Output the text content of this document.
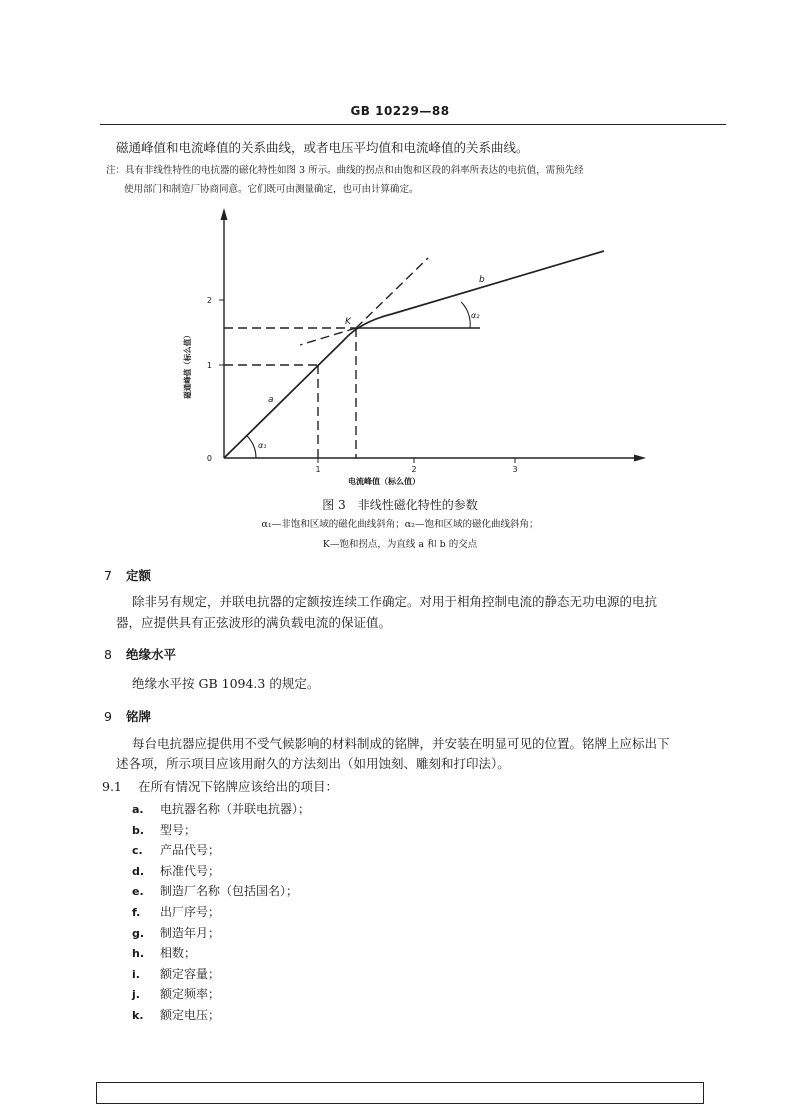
GB 10229—88
磁通峰值和电流峰值的关系曲线，或者电压平均值和电流峰值的关系曲线。
注：具有非线性特性的电抗器的磁化特性如图 3 所示。曲线的拐点和由饱和区段的斜率所表达的电抗值，需预先经
使用部门和制造厂协商同意。它们既可由测量确定，也可由计算确定。
1	2	3
1
2
0
磁通峰值（标么值）
电流峰值（标么值）
α₁
α₂
a
b
K
图 3　非线性磁化特性的参数
α₁—非饱和区域的磁化曲线斜角；α₂—饱和区域的磁化曲线斜角；
K—饱和拐点，为直线 a 和 b 的交点
7 定额
除非另有规定，并联电抗器的定额按连续工作确定。对用于相角控制电流的静态无功电源的电抗
器，应提供具有正弦波形的满负载电流的保证值。
8 绝缘水平
绝缘水平按 GB 1094.3 的规定。
9 铭牌
每台电抗器应提供用不受气候影响的材料制成的铭牌，并安装在明显可见的位置。铭牌上应标出下
述各项，所示项目应该用耐久的方法刻出（如用蚀刻、雕刻和打印法）。
9.1 在所有情况下铭牌应该给出的项目：
a. 电抗器名称（并联电抗器）；
b. 型号；
c. 产品代号；
d. 标准代号；
e. 制造厂名称（包括国名）；
f. 出厂序号；
g. 制造年月；
h. 相数；
i. 额定容量；
j. 额定频率；
k. 额定电压；
